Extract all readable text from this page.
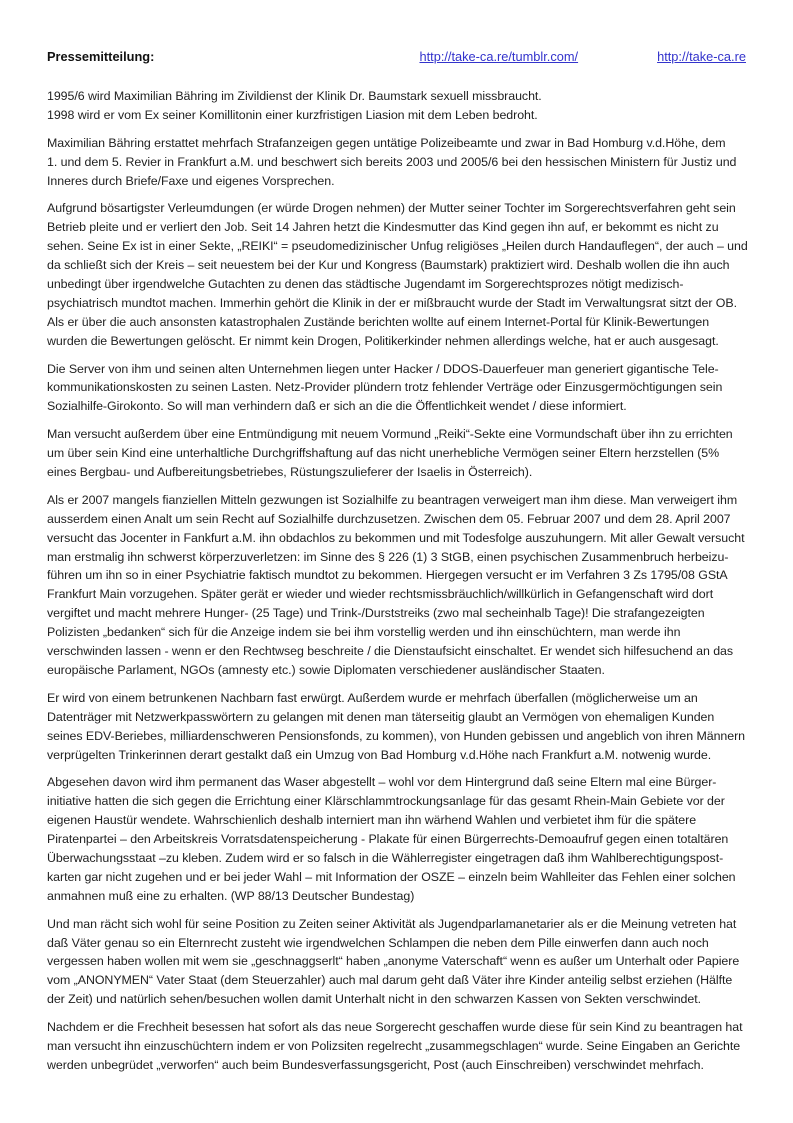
Pressemitteilung:	http://take-ca.re/tumblr.com/	http://take-ca.re
1995/6 wird Maximilian Bähring im Zivildienst der Klinik Dr. Baumstark sexuell missbraucht.
1998 wird er vom Ex seiner Komillitonin einer kurzfristigen Liasion mit dem Leben bedroht.
Maximilian Bähring erstattet mehrfach Strafanzeigen gegen untätige Polizeibeamte und zwar in Bad Homburg v.d.Höhe, dem
1. und dem 5. Revier in Frankfurt a.M. und beschwert sich bereits 2003 und 2005/6 bei den hessischen Ministern für Justiz und
Inneres durch Briefe/Faxe und eigenes Vorsprechen.
Aufgrund bösartigster Verleumdungen (er würde Drogen nehmen) der Mutter seiner Tochter im Sorgerechtsverfahren geht sein
Betrieb pleite und er verliert den Job. Seit 14 Jahren hetzt die Kindesmutter das Kind gegen ihn auf, er bekommt es nicht zu
sehen. Seine Ex ist in einer Sekte, „REIKI“ = pseudomedizinischer Unfug religiöses „Heilen durch Handauflegen“, der auch – und
da schließt sich der Kreis – seit neuestem bei der Kur und Kongress (Baumstark) praktiziert wird. Deshalb wollen die ihn auch
unbedingt über irgendwelche Gutachten zu denen das städtische Jugendamt im Sorgerechtsprozes nötigt medizisch-
psychiatrisch mundtot machen. Immerhin gehört die Klinik in der er mißbraucht wurde der Stadt im Verwaltungsrat sitzt der OB.
Als er über die auch ansonsten katastrophalen Zustände berichten wollte auf einem Internet-Portal für Klinik-Bewertungen
wurden die Bewertungen gelöscht. Er nimmt kein Drogen, Politikerkinder nehmen allerdings welche, hat er auch ausgesagt.
Die Server von ihm und seinen alten Unternehmen liegen unter Hacker / DDOS-Dauerfeuer man generiert gigantische Tele-
kommunikationskosten zu seinen Lasten. Netz-Provider plündern trotz fehlender Verträge oder Einzusgermöchtigungen sein
Sozialhilfe-Girokonto. So will man verhindern daß er sich an die die Öffentlichkeit wendet / diese informiert.
Man versucht außerdem über eine Entmündigung mit neuem Vormund „Reiki“-Sekte eine Vormundschaft über ihn zu errichten
um über sein Kind eine unterhaltliche Durchgriffshaftung auf das nicht unerhebliche Vermögen seiner Eltern herzstellen (5%
eines Bergbau- und Aufbereitungsbetriebes, Rüstungszulieferer der Isaelis in Österreich).
Als er 2007 mangels fianziellen Mitteln gezwungen ist Sozialhilfe zu beantragen verweigert man ihm diese. Man verweigert ihm
ausserdem einen Analt um sein Recht auf Sozialhilfe durchzusetzen. Zwischen dem 05. Februar 2007 und dem 28. April 2007
versucht das Jocenter in Fankfurt a.M. ihn obdachlos zu bekommen und mit Todesfolge auszuhungern. Mit aller Gewalt versucht
man erstmalig ihn schwerst körperzuverletzen: im Sinne des § 226 (1) 3 StGB, einen psychischen Zusammenbruch herbeizu-
führen um ihn so in einer Psychiatrie faktisch mundtot zu bekommen. Hiergegen versucht er im Verfahren 3 Zs 1795/08 GStA
Frankfurt Main vorzugehen. Später gerät er wieder und wieder rechtsmissbräuchlich/willkürlich in Gefangenschaft wird dort
vergiftet und macht mehrere Hunger- (25 Tage) und Trink-/Durststreiks (zwo mal secheinhalb Tage)! Die strafangezeigten
Polizisten „bedanken“ sich für die Anzeige indem sie bei ihm vorstellig werden und ihn einschüchtern, man werde ihn
verschwinden lassen - wenn er den Rechtwseg beschreite / die Dienstaufsicht einschaltet. Er wendet sich hilfesuchend an das
europäische Parlament, NGOs (amnesty etc.) sowie Diplomaten verschiedener ausländischer Staaten.
Er wird von einem betrunkenen Nachbarn fast erwürgt. Außerdem wurde er mehrfach überfallen (möglicherweise um an
Datenträger mit Netzwerkpasswörtern zu gelangen mit denen man täterseitig glaubt an Vermögen von ehemaligen Kunden
seines EDV-Beriebes, milliardenschweren Pensionsfonds, zu kommen), von Hunden gebissen und angeblich von ihren Männern
verprügelten Trinkerinnen derart gestalkt daß ein Umzug von Bad Homburg v.d.Höhe nach Frankfurt a.M. notwenig wurde.
Abgesehen davon wird ihm permanent das Waser abgestellt – wohl vor dem Hintergrund daß seine Eltern mal eine Bürger-
initiative hatten die sich gegen die Errichtung einer Klärschlammtrockungsanlage für das gesamt Rhein-Main Gebiete vor der
eigenen Haustür wendete. Wahrschienlich deshalb interniert man ihn wärhend Wahlen und verbietet ihm für die spätere
Piratenpartei – den Arbeitskreis Vorratsdatenspeicherung - Plakate für einen Bürgerrechts-Demoaufruf gegen einen totaltären
Überwachungsstaat –zu kleben. Zudem wird er so falsch in die Wählerregister eingetragen daß ihm Wahlberechtigungspost-
karten gar nicht zugehen und er bei jeder Wahl – mit Information der OSZE – einzeln beim Wahlleiter das Fehlen einer solchen
anmahnen muß eine zu erhalten. (WP 88/13 Deutscher Bundestag)
Und man rächt sich wohl für seine Position zu Zeiten seiner Aktivität als Jugendparlamanetarier als er die Meinung vetreten hat
daß Väter genau so ein Elternrecht zusteht wie irgendwelchen Schlampen die neben dem Pille einwerfen dann auch noch
vergessen haben wollen mit wem sie „geschnaggserlt“ haben „anonyme Vaterschaft“ wenn es außer um Unterhalt oder Papiere
vom „ANONYMEN“ Vater Staat (dem Steuerzahler) auch mal darum geht daß Väter ihre Kinder anteilig selbst erziehen (Hälfte
der Zeit) und natürlich sehen/besuchen wollen damit Unterhalt nicht in den schwarzen Kassen von Sekten verschwindet.
Nachdem er die Frechheit besessen hat sofort als das neue Sorgerecht geschaffen wurde diese für sein Kind zu beantragen hat
man versucht ihn einzuschüchtern indem er von Polizsiten regelrecht „zusammegschlagen“ wurde. Seine Eingaben an Gerichte
werden unbegrüdet „verworfen“ auch beim Bundesverfassungsgericht, Post (auch Einschreiben) verschwindet mehrfach.
